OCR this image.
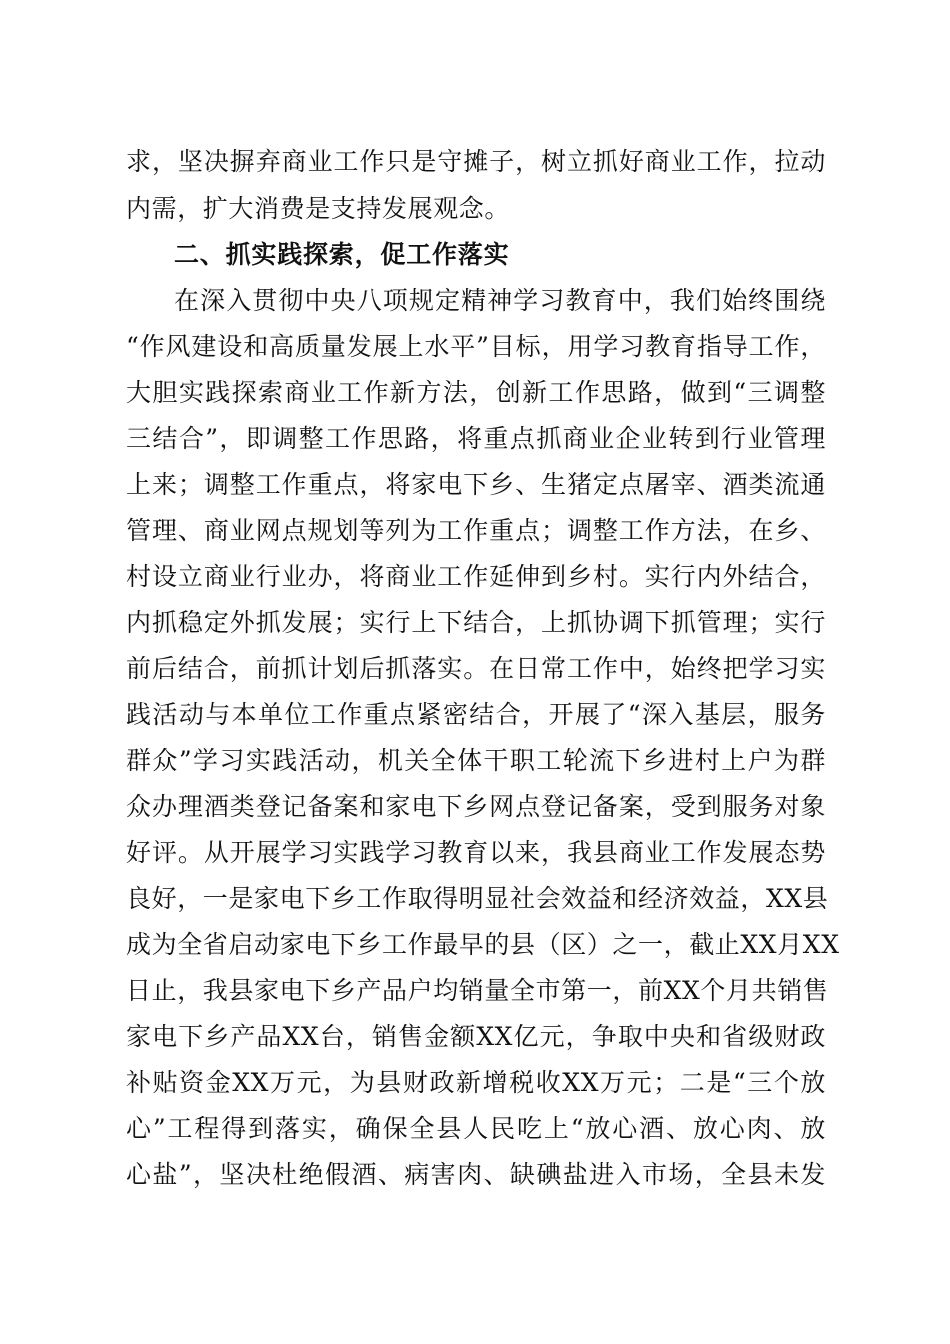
求，坚决摒弃商业工作只是守摊子，树立抓好商业工作，拉动

内需，扩大消费是支持发展观念。

二、抓实践探索，促工作落实

在深入贯彻中央八项规定精神学习教育中，我们始终围绕

“作风建设和高质量发展上水平”目标，用学习教育指导工作，

大胆实践探索商业工作新方法，创新工作思路，做到“三调整

三结合”，即调整工作思路，将重点抓商业企业转到行业管理

上来；调整工作重点，将家电下乡、生猪定点屠宰、酒类流通

管理、商业网点规划等列为工作重点；调整工作方法，在乡、

村设立商业行业办，将商业工作延伸到乡村。实行内外结合，

内抓稳定外抓发展；实行上下结合，上抓协调下抓管理；实行

前后结合，前抓计划后抓落实。在日常工作中，始终把学习实

践活动与本单位工作重点紧密结合，开展了“深入基层，服务

群众”学习实践活动，机关全体干职工轮流下乡进村上户为群

众办理酒类登记备案和家电下乡网点登记备案，受到服务对象

好评。从开展学习实践学习教育以来，我县商业工作发展态势

良好，一是家电下乡工作取得明显社会效益和经济效益，XX县

成为全省启动家电下乡工作最早的县（区）之一，截止XX月XX

日止，我县家电下乡产品户均销量全市第一，前XX个月共销售

家电下乡产品XX台，销售金额XX亿元，争取中央和省级财政

补贴资金XX万元，为县财政新增税收XX万元；二是“三个放

心”工程得到落实，确保全县人民吃上“放心酒、放心肉、放

心盐”，坚决杜绝假酒、病害肉、缺碘盐进入市场，全县未发
